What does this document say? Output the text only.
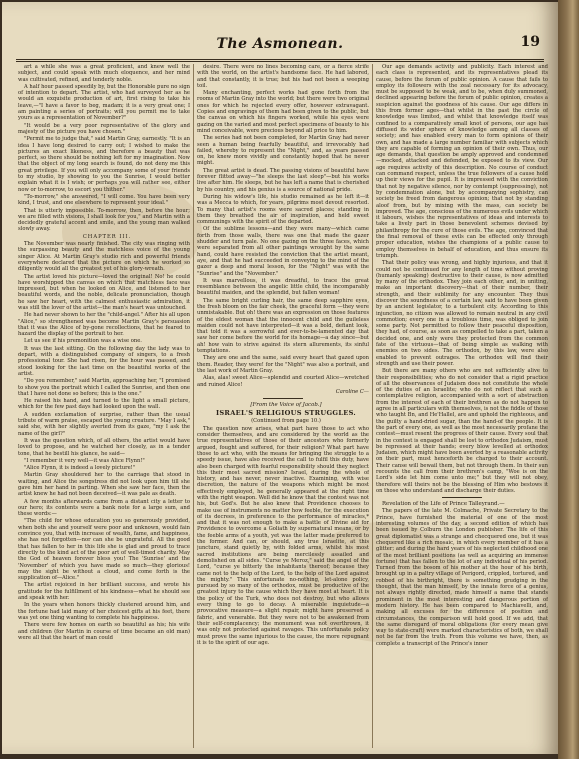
The Asmonean.	19

art a while she was a great proficient, and knew well the subject, and could speak with much eloquence, and her mind was cultivated, refined, and tenderly noble.

A half hour passed speedily by, but the Honorable pure no sign of intention to depart. The artist, who had surveyed her as he would an exquisite production of art, first rising to take his leave,—"I have a favor to beg, madam; it is a very great one; I am painting a series of portraits; will you permit me to take yours as a representation of November?"

"It would be a very poor representative of the glory and majesty of the picture you have chosen."

"Permit me to judge that," said Martin Gray, earnestly. "It is an idea I have long desired to carry out; I wished to make the pictures an exact likeness, and therefore a beauty that was perfect, so there should be nothing left for my imagination. Now that the object of my long search is found, do not deny me this great privilege. If you will only accompany some of your friends to my studio, by showing to you the Sunrise, I would better explain what it is I wish; or perhaps you will rather see, either now or to-morrow, to escort you thither."

"To-morrow," she answered, "I will come. You have been very kind, I trust, and one elsewhere to represent your ideal."

That is utterly impossible. To-morrow, then, before the hour; we are filled with visions, I shall look for you," and Martin with a decidedly grateful accent and smile, and the young man walked slowly away.

CHAPTER III.

The November was nearly finished. The city was ringing with the surpassing beauty and the matchless voice of the young singer Alice. At Martin Gray's studio rich and powerful friends everywhere declared that the picture on which he worked so diligently would all the greatest yet of his glory-wreath.

The artist loved his picture—loved the original! No! he could have worshipped the canvas on which that matchless face was impressed, but when he looked on Alice, and listened to her beautiful words, and the noble, delicate pronunciation, though he saw her heart, with the calmest enthusiastic admiration, it was still the lover of the artist—the man's heart was untouched.

He had never shown to her the "child-angel." After his all upon "Alice," so strengthened was become Martin Gray's persuasion that it was the Alice of by-gone recollections, that he feared to hazard the display of the portrait to her.

Let us see if his premonition was a wise one.

It was the last sitting. On the following day the lady was to depart, with a distinguished company of singers, to a fresh professional tour. She had risen, for the hour was passed, and stood looking for the last time on the beautiful works of the artist.

"Do you remember," said Martin, approaching her, "I promised to show you the portrait which I called the Sunrise, and then one that I have not done so before; this is the one."

He raised his hand, and turned to the light a small picture, which for the few past days had looked upon the wall.

A sudden exclamation of surprise, rather than the usual tribute of warm praise, escaped the young creature. "May I ask," said she, with her slightly averted from its gaze, "my I ask the name of the girl?"

It was the question which, of all others, the artist would have loved to propose, and he watched her closely, as in a tender tone, that he bestill his glance, he said—

"I remember it very well—it was Alice Flynn!"

"Alice Flynn, it is indeed a lovely picture!"

Martin Gray shouldered her to the carriage that stood in waiting, and Alice the songstress did not look upon him till she gave him her hand in parting. When she saw her face, then the artist knew he had not been deceived—it was pale as death.

A few months afterwards came from a distant city a letter to our hero; its contents were a bank note for a large sum, and these words:—

"The child for whose education you so generously provided, when both she and yourself were poor and unknown, would fain convince you, that with increase of wealth, fame, and happiness, she has not forgotten—nor can she be ungrateful. All the good that has fallen to her in this life she is glad and proud to trace directly to the kind act of the poor art of well-timed charity. May the God of heaven forever bless you! The 'Sunrise' and the 'November' of which you have made so much—they glorious! may the sight be without a cloud, and come forth is the supplication of—Alice."

The artist rejoiced in her brilliant success, and wrote his gratitude for the fulfillment of his kindness—what he should see and speak with her.

In the years when honors thickly clustered around him, and the fortune had laid many of her choicest gifts at his feet, there was yet one thing wanting to complete his happiness.

There were few homes on earth so beautiful as his; his wife and children (for Martin in course of time became an old man) were all that the heart of man could

desire. There were no lines becoming care, or a fierce strife with the world, on the artist's handsome face. He had labored, and that constantly, it is true; but his had not been a weeping toil.

Many enchanting, perfect works had gone forth from the rooms of Martin Gray into the world; but there were two original ones for which he rejected every offer, however extravagant. Copies and engravings of them had been given to the public, but the canvas on which his fingers worked, while his eyes were gazing on the varied and most perfect specimens of beauty to his mind conceivable, were precious beyond all price to him.

The series had not been completed, for Martin Gray had never seen a human being fearfully beautiful, and irrevocably had failed, whereby to represent the "Night," and, as years passed on, he knew more vividly and constantly hoped that he never might.

The great artist is dead. The passing visions of beautiful have forever flitted away—"he sleeps the last sleep"—but his works live after him. He sleeps, but he has left a name that is cherished by his country, and his genius is a source of national pride.

During his widow's life, his studio remained as he left it—it was a Mecca to which, for years, pilgrims most devout resorted. To many that artist's rooms were sacred places; standing in them they breathed the air of inspiration, and held sweet communings with the spirit of the departed.

Of the sublime lessons—and they were many—which came forth from those walls, there was one that made the gazer shudder and turn pale. No one gazing on the three faces, which were separated from all other paintings wrought by the same hand, could have resisted the conviction that the artist meant, aye, and that he had succeeded in conveying to the mind of the gazer a deep and moral lesson, for the "Night" was with the "Sunrise" and the "November."

It was marvellous, it was dreadful, to trace the great resemblance between the angelic little child, the incomparably beautiful maiden, and the splendid, but fallen woman!

The same bright curling hair, the same deep sapphire eyes, the fresh bloom on the fair cheek, the graceful form —they were unmistakable. But oh! there was an expression on those features of the eldest woman that the innocent child and the guileless maiden could not have interpreted—it was a bold, defiant look, that told it was a sorrowful and ever-to-be-lamented day that saw her come before the world for its homage—a day since—but ah! how vain to strive against its stern allurements, its sinful temptations.

They are one and the same, said every heart that gazed upon them. Reader, they were! for the "Night" was also a portrait, and the last work of Martin Gray.

Alas, alas! sweet Alice—splendid and courted Alice—wretched and ruined Alice!

Caroline C—

[From the Voice of Jacob.]

ISRAEL'S RELIGIOUS STRUGGLES.

(Continued from page 10.)

The question now arises, what part have those to act who consider themselves, and are considered by the world as the true representatives of those of their ancestors who formerly argued, fought and suffered, for their religion? What part have those to act who, with the means for bringing the struggle to a speedy issue, have also received the call to fulfil this duty, have also been charged with fearful responsibility should they neglect this their most sacred mission? Israel, during the whole of history, and has never, never inactive. Examining, with wise discretion, the nature of the weapons which might be most effectively employed, he generally appeared at the right time with the right weapon. Well did he know that the contest was not his, but God's. But he also knew that Providence chooses to make use of instruments no matter how feeble, for the execution of its decrees, in preference to the performance of miracles,* and that it was not enough to make a battle of Divine aid for Providence to overcome a Goliath by supernatural means, or by the feeble arms of a youth, yet was the latter made preferred to the former. And can, or should, any true Israelite, at this juncture, stand quietly by, with folded arms, whilst his most sacred institutions are being mercilessly assailed and demolished on all sides. "Curse ye Meroz," said the angel of the Lord, "curse ye bitterly the inhabitants thereof; because they came not to the help of the Lord, to the help of the Lord against the mighty." This unfortunate no-nothing, let-alone policy, pursued by so many of the orthodox, must be productive of the greatest injury to the cause which they have most at heart. It is the policy of the Turk, who does not destroy, but who allows every thing to go to decay. A miserable inquietude—a provocative measure—a slight repair, might have preserved a fabric, and venerable. But they were not to be awakened from their self-complacency; the monument was not overthrown, it was only not protected against ravages. This unfortunate policy must prove the same injurious to the cause, the more repugnant it is to the spirit of our age.

Our age demands activity and publicity. Each interest and each class is represented, and its representatives plead its cause, before the forum of public opinion. A cause that fails to employ its followers with the zeal necessary for its advocacy, must be supposed to be weak, and to be, when duly summoned, declined appearing before the forum of public opinion, creates a suspicion against the goodness of his cause. Our age differs in this from former ages—that whilst in the past the circle of knowledge was limited, and whilst that knowledge itself was confined to a comparatively small knot of persons, our age has diffused its wider sphere of knowledge among all classes of society; and has enabled every man to form opinions of their own, and has made a large number familiar with subjects which they are capable of forming an opinion of their own. Thus, our age demands, that question be amply approved and condemned—mocked, attacked and defended, be exposed to its view. Our age requires activity of this description. No course of conduct can command respect, unless the true followers of a cause hold up their views for the pupil. It is impressed with the conviction that not by negative silence, nor by contempt (suppressing), not by condemnation alone, but by accompanying sophistry, can society be freed from dangerous opinion; that not by standing aloof from, but by mixing with the mass, can society be improved. The age, conscious of the numerous evils under which it labours, wishes the representatives of ideas and interests to take a lively part in those benevolent schemes devised by philanthropy for the cure of those evils. The age, convinced that the final removal of these evils can be effected only through proper education, wishes the champions of a public cause to employ themselves in behalf of education, and thus ensure its triumph.

That their policy was wrong, and highly injurious, and that it could not be continued for any length of time without proving (humanly speaking) destructive to their cause, is now admitted by many of the orthodox. They join each other, and, in uniting, make an important discovery—that of their number, their strength, and their sublimity for any encounter. They thus discover the soundness of a certain law, said to have been given by an ancient legislator, to a turbulent city. According to this injunction, no citizen was allowed to remain neutral in any civil commotion; every one in a troublous time, was obliged to join some party. Not permitted to follow their peaceful disposition, they had, of course, as soon as compelled to take a part, taken a decided one, and only were they protected from the common fate of the virtuous—that of being simple as walking with enemies on two sides. The orthodox, by this law, were also enabled to prevent outrages. The orthodox will find their strength and use their power.

But there are many others who are not sufficiently alive to their responsibilities; who do not consider that a rigid practice of all the observances of Judaism does not constitute the whole of the duties of an Israelite; who do not reflect that such a contemplative religion, accompanied with a sort of abstraction from the interest of each of their brethren as do not happen to agree in all particulars with themselves, is not the fiddle of those who taught Bn, and He'Hallel, are and uphold the righteous, and the guilty a hand-dried sugar, than the hand-of the people. It is the part of every one, as well as the most necessarily profane the contest—must resent the progress of their cause. Every soul that in the contest is engaged shall be lost to orthodox Judaism, must be repressed at their hands; every blow levelled at orthodox Judaism, which might have been averted by a reasonable activity on their part, must henceforth be charged to their account. Their canse will bewail them, but not through them. In their sun recounts the call from their brethren's camp, "Woe is on the Lord's side let him come unto me;" but they will not obey, therefore will theirs not be the blessing of Him who bestows it on those who understand and discharge their duties.

Revelation of the Life of Prince Talleyrand.—

The papers of the late M. Colmache, Private Secretary to the Prince, have furnished the material of one of the most interesting volumes of the day, a second edition of which has been issued by Colburn the London publisher. The life of this great diplomatist was a strange and checquered one, but it was chequered like a rich mosaic, in which every member of it has a glitter; and during the hard years of his neglected childhood one of the most brilliant positions (as well as acquiring an immense fortune) that has fallen to the lot of any individual of his period. Turned from the bosom of his mother at the hour of his birth, brought up in a paltry village of Perigord, crippled, tortured, and robbed of his birthright, there is something grudging in the thought, that the man himself, by the innate force of a genius, not always rightly directed, made himself a name that stands prominent in the most interesting and dangerous portion of modern history. He has been compared to Machiavelli, and, making all excuses for the difference of position and circumstances, the comparison will hold good. If we add, that the same disregard of moral obligations (for every mean give way to state-craft) were marked characteristics of both, we shall not be far from the truth. From this volume we have, then, as complete a transcript of the Prince's inner
